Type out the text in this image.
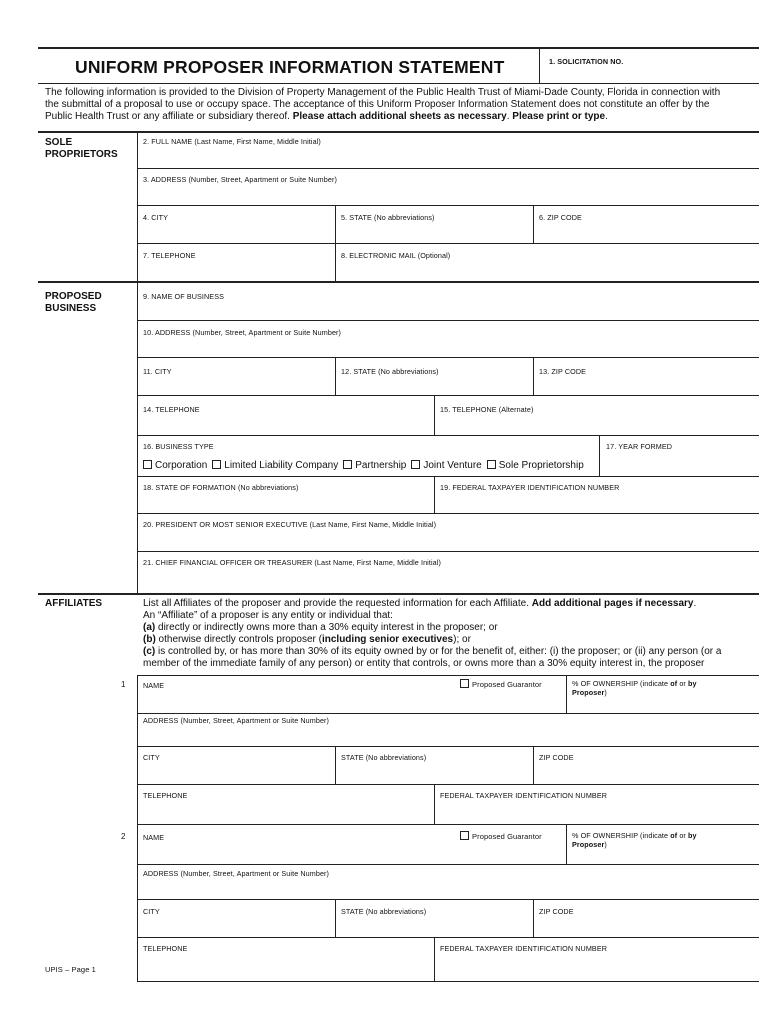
UNIFORM PROPOSER INFORMATION STATEMENT	1. SOLICITATION NO.
The following information is provided to the Division of Property Management of the Public Health Trust of Miami-Dade County, Florida in connection with the submittal of a proposal to use or occupy space. The acceptance of this Uniform Proposer Information Statement does not constitute an offer by the Public Health Trust or any affiliate or subsidiary thereof. Please attach additional sheets as necessary. Please print or type.
SOLE
PROPRIETORS
2. FULL NAME (Last Name, First Name, Middle Initial)
3. ADDRESS (Number, Street, Apartment or Suite Number)
4. CITY	5. STATE (No abbreviations)	6. ZIP CODE
7. TELEPHONE	8. ELECTRONIC MAIL (Optional)
PROPOSED
BUSINESS
9. NAME OF BUSINESS
10. ADDRESS (Number, Street, Apartment or Suite Number)
11. CITY	12. STATE (No abbreviations)	13. ZIP CODE
14. TELEPHONE	15. TELEPHONE (Alternate)
16. BUSINESS TYPE	17. YEAR FORMED
Corporation Limited Liability Company Partnership Joint Venture Sole Proprietorship
18. STATE OF FORMATION (No abbreviations)	19. FEDERAL TAXPAYER IDENTIFICATION NUMBER
20. PRESIDENT OR MOST SENIOR EXECUTIVE (Last Name, First Name, Middle Initial)
21. CHIEF FINANCIAL OFFICER OR TREASURER (Last Name, First Name, Middle Initial)
AFFILIATES	List all Affiliates of the proposer and provide the requested information for each Affiliate. Add additional pages if necessary.
An “Affiliate” of a proposer is any entity or individual that:
(a) directly or indirectly owns more than a 30% equity interest in the proposer; or
(b) otherwise directly controls proposer (including senior executives); or
(c) is controlled by, or has more than 30% of its equity owned by or for the benefit of, either: (i) the proposer; or (ii) any person (or a member of the immediate family of any person) or entity that controls, or owns more than a 30% equity interest in, the proposer
1 NAME	Proposed Guarantor	% OF OWNERSHIP (indicate of or by Proposer)
ADDRESS (Number, Street, Apartment or Suite Number)
CITY	STATE (No abbreviations)	ZIP CODE
TELEPHONE	FEDERAL TAXPAYER IDENTIFICATION NUMBER
2 NAME	Proposed Guarantor	% OF OWNERSHIP (indicate of or by Proposer)
ADDRESS (Number, Street, Apartment or Suite Number)
CITY	STATE (No abbreviations)	ZIP CODE
TELEPHONE	FEDERAL TAXPAYER IDENTIFICATION NUMBER
UPIS – Page 1
